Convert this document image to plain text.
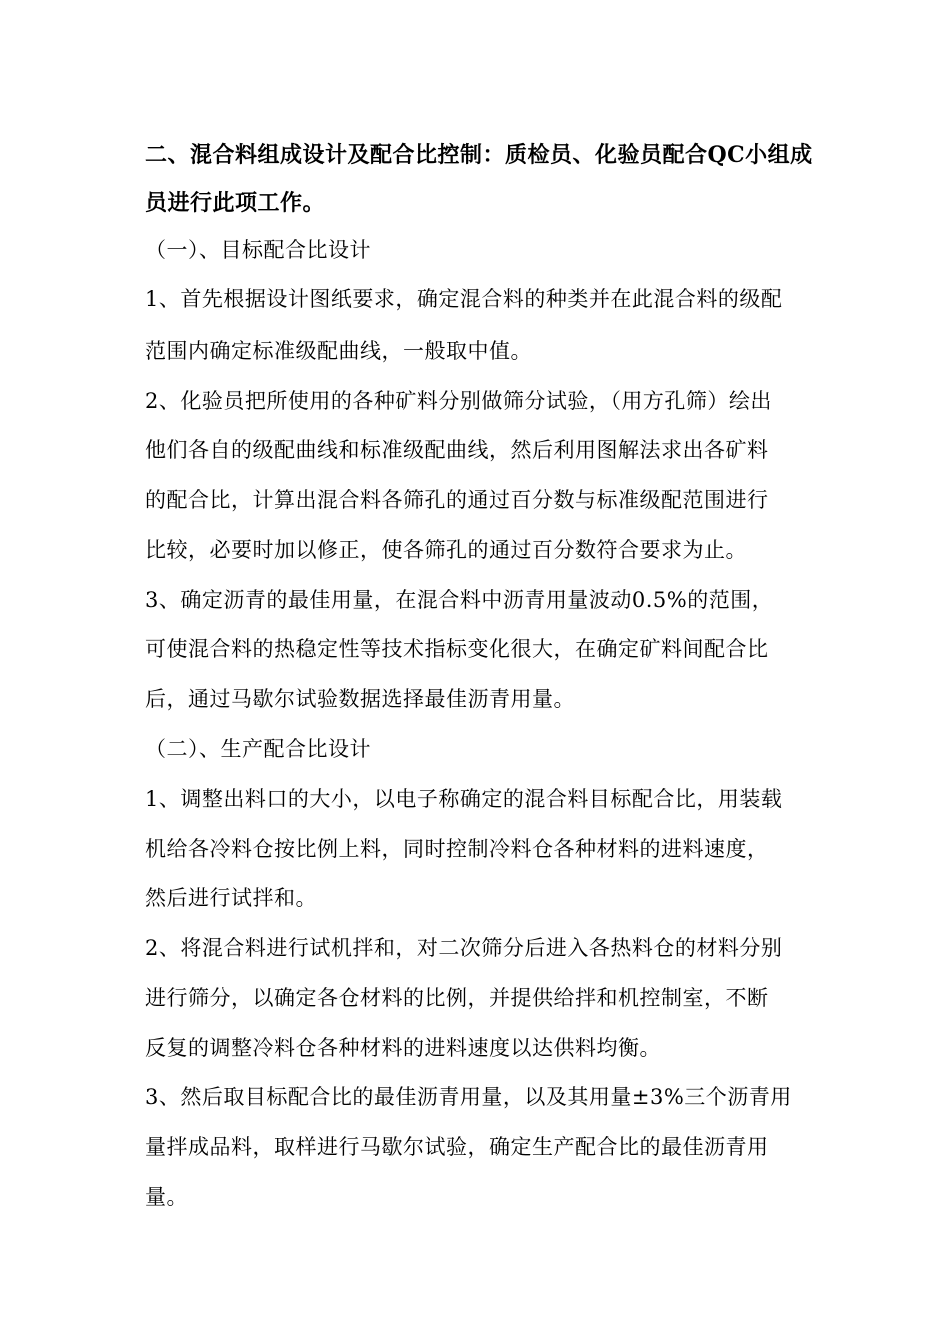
二、混合料组成设计及配合比控制：质检员、化验员配合QC小组成
员进行此项工作。
（一）、目标配合比设计
1、首先根据设计图纸要求，确定混合料的种类并在此混合料的级配
范围内确定标准级配曲线，一般取中值。
2、化验员把所使用的各种矿料分别做筛分试验，（用方孔筛）绘出
他们各自的级配曲线和标准级配曲线，然后利用图解法求出各矿料
的配合比，计算出混合料各筛孔的通过百分数与标准级配范围进行
比较，必要时加以修正，使各筛孔的通过百分数符合要求为止。
3、确定沥青的最佳用量，在混合料中沥青用量波动0.5%的范围，
可使混合料的热稳定性等技术指标变化很大，在确定矿料间配合比
后，通过马歇尔试验数据选择最佳沥青用量。
（二）、生产配合比设计
1、调整出料口的大小，以电子称确定的混合料目标配合比，用装载
机给各冷料仓按比例上料，同时控制冷料仓各种材料的进料速度，
然后进行试拌和。
2、将混合料进行试机拌和，对二次筛分后进入各热料仓的材料分别
进行筛分，以确定各仓材料的比例，并提供给拌和机控制室，不断
反复的调整冷料仓各种材料的进料速度以达供料均衡。
3、然后取目标配合比的最佳沥青用量，以及其用量±3%三个沥青用
量拌成品料，取样进行马歇尔试验，确定生产配合比的最佳沥青用
量。
